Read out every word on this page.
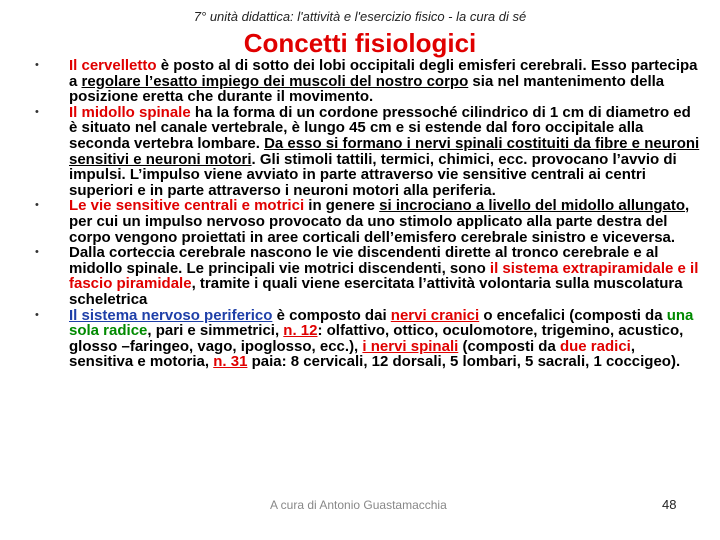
7° unità didattica: l'attività e l'esercizio fisico - la cura di sé
Concetti fisiologici
• Il cervelletto è posto al di sotto dei lobi occipitali degli emisferi cerebrali. Esso partecipa a regolare l’esatto impiego dei muscoli del nostro corpo sia nel mantenimento della posizione eretta che durante il movimento.
• Il midollo spinale ha la forma di un cordone pressoché cilindrico di 1 cm di diametro ed è situato nel canale vertebrale, è lungo 45 cm e si estende dal foro occipitale alla seconda vertebra lombare. Da esso si formano i nervi spinali costituiti da fibre e neuroni sensitivi e neuroni motori. Gli stimoli tattili, termici, chimici, ecc. provocano l’avvio di impulsi. L’impulso viene avviato in parte attraverso vie sensitive centrali ai centri superiori e in parte attraverso i neuroni motori alla periferia.
• Le vie sensitive centrali e motrici in genere si incrociano a livello del midollo allungato, per cui un impulso nervoso provocato da uno stimolo applicato alla parte destra del corpo vengono proiettati in aree corticali dell’emisfero cerebrale sinistro e viceversa.
• Dalla corteccia cerebrale nascono le vie discendenti dirette al tronco cerebrale e al midollo spinale. Le principali vie motrici discendenti, sono il sistema extrapiramidale e il fascio piramidale, tramite i quali viene esercitata l’attività volontaria sulla muscolatura scheletrica
• Il sistema nervoso periferico è composto dai nervi cranici o encefalici (composti da una sola radice, pari e simmetrici, n. 12: olfattivo, ottico, oculomotore, trigemino, acustico, glosso –faringeo, vago, ipoglosso, ecc.), i nervi spinali (composti da due radici, sensitiva e motoria, n. 31 paia: 8 cervicali, 12 dorsali, 5 lombari, 5 sacrali, 1 coccigeo).
A cura di Antonio Guastamacchia	48
